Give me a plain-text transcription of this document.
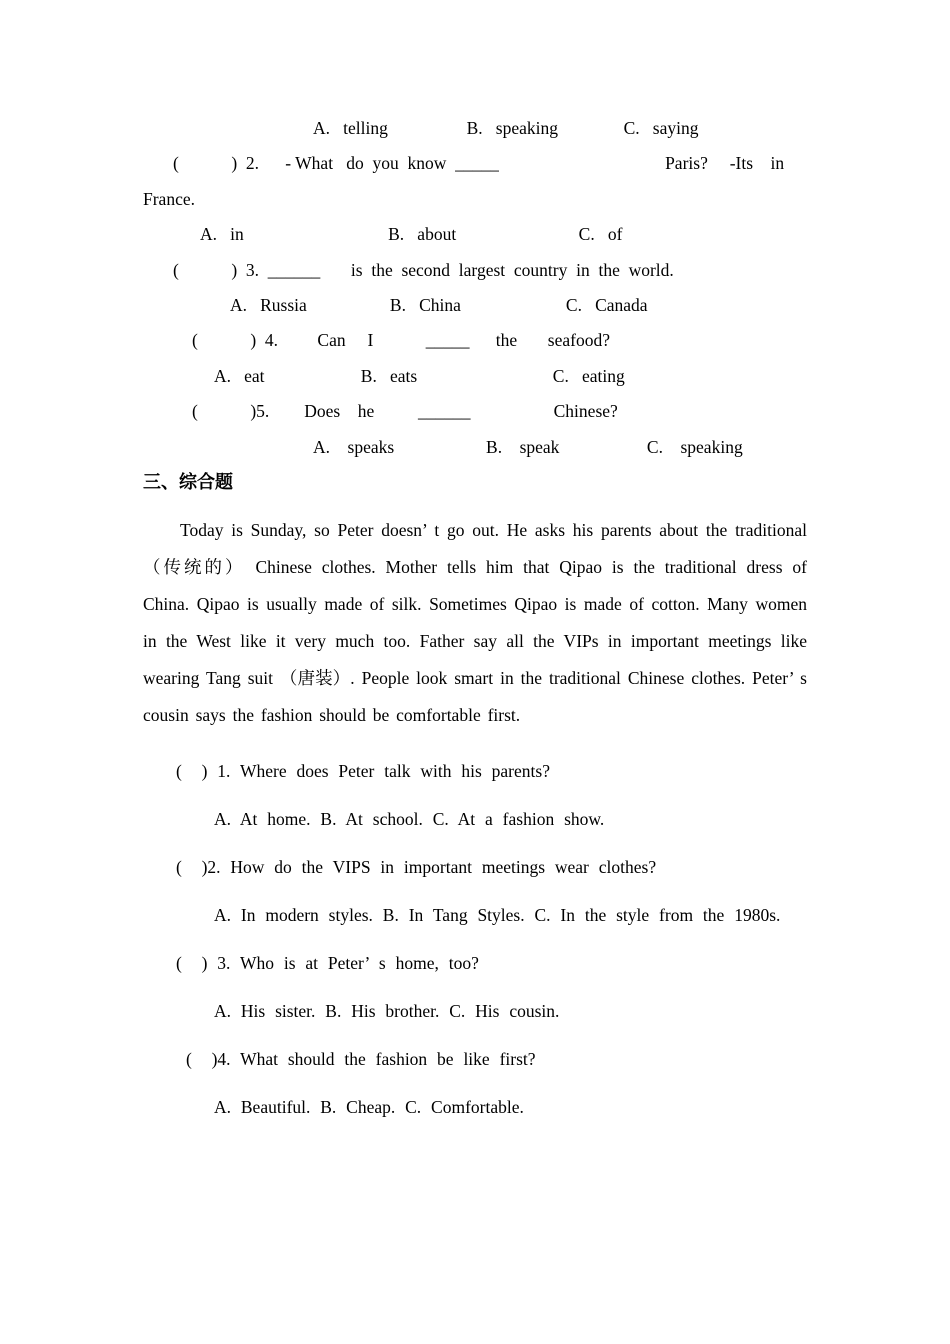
A.   telling                  B.   speaking               C.   saying
(            )  2.      - What   do  you  know  _____                                      Paris?     -Its    in
France.
A.   in                                 B.   about                            C.   of
(            )  3.  ______       is  the  second  largest  country  in  the  world.
A.   Russia                   B.   China                        C.   Canada
(            )  4.         Can     I            _____      the       seafood?
A.   eat                      B.   eats                               C.   eating
(            )5.        Does    he          ______                   Chinese?
A.    speaks                     B.    speak                    C.    speaking
三、综合题

Today is Sunday, so Peter doesn’ t go out. He asks his parents about the traditional（传统的） Chinese clothes. Mother tells him that Qipao is the traditional dress of China. Qipao is usually made of silk. Sometimes Qipao is made of cotton. Many women in the West like it very much too. Father say all the VIPs in important meetings like wearing Tang suit （唐装）. People look smart in the traditional Chinese clothes. Peter’ s cousin says the fashion should be comfortable first.

(  ) 1. Where does Peter talk with his parents?
A. At home. B. At school. C. At a fashion show.
(  )2. How do the VIPS in important meetings wear clothes?
A. In modern styles. B. In Tang Styles. C. In the style from the 1980s.
(  ) 3. Who is at Peter’ s home, too?
A. His sister. B. His brother. C. His cousin.
(  )4. What should the fashion be like first?
A. Beautiful. B. Cheap. C. Comfortable.
